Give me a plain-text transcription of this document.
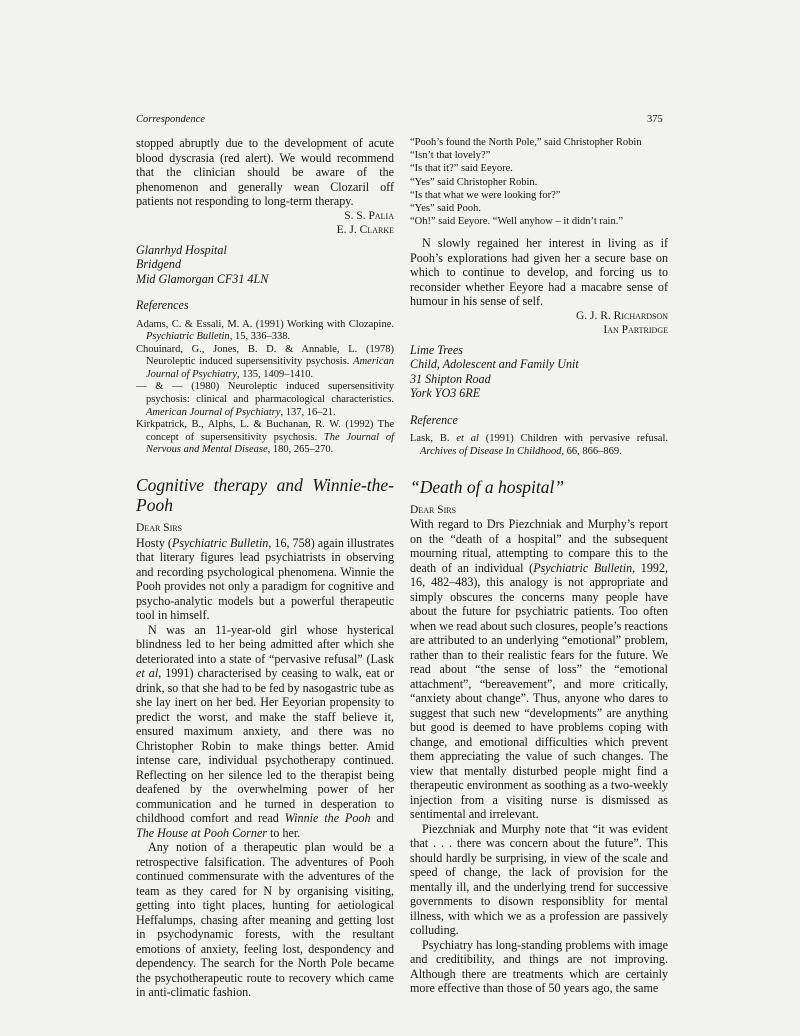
Correspondence	375

stopped abruptly due to the development of acute blood dyscrasia (red alert). We would recommend that the clinician should be aware of the phenomenon and generally wean Clozaril off patients not responding to long-term therapy.

S. S. Palia
E. J. Clarke
Glanrhyd Hospital
Bridgend
Mid Glamorgan CF31 4LN

References

Adams, C. & Essali, M. A. (1991) Working with Clozapine. Psychiatric Bulletin, 15, 336–338.

Chouinard, G., Jones, B. D. & Annable, L. (1978) Neuroleptic induced supersensitivity psychosis. American Journal of Psychiatry, 135, 1409–1410.

— & — (1980) Neuroleptic induced supersensitivity psychosis: clinical and pharmacological characteristics. American Journal of Psychiatry, 137, 16–21.

Kirkpatrick, B., Alphs, L. & Buchanan, R. W. (1992) The concept of supersensitivity psychosis. The Journal of Nervous and Mental Disease, 180, 265–270.

Cognitive therapy and Winnie-the-Pooh

Dear Sirs

Hosty (Psychiatric Bulletin, 16, 758) again illustrates that literary figures lead psychiatrists in observing and recording psychological phenomena. Winnie the Pooh provides not only a paradigm for cognitive and psycho-analytic models but a powerful therapeutic tool in himself.

N was an 11-year-old girl whose hysterical blindness led to her being admitted after which she deteriorated into a state of “pervasive refusal” (Lask et al, 1991) characterised by ceasing to walk, eat or drink, so that she had to be fed by nasogastric tube as she lay inert on her bed. Her Eeyorian propensity to predict the worst, and make the staff believe it, ensured maximum anxiety, and there was no Christopher Robin to make things better. Amid intense care, individual psychotherapy continued. Reflecting on her silence led to the therapist being deafened by the overwhelming power of her communication and he turned in desperation to childhood comfort and read Winnie the Pooh and The House at Pooh Corner to her.

Any notion of a therapeutic plan would be a retrospective falsification. The adventures of Pooh continued commensurate with the adventures of the team as they cared for N by organising visiting, getting into tight places, hunting for aetiological Heffalumps, chasing after meaning and getting lost in psychodynamic forests, with the resultant emotions of anxiety, feeling lost, despondency and dependency. The search for the North Pole became the psychotherapeutic route to recovery which came in anti-climatic fashion.

“Pooh’s found the North Pole,” said Christopher Robin

“Isn’t that lovely?”

“Is that it?” said Eeyore.

“Yes” said Christopher Robin.

“Is that what we were looking for?”

“Yes” said Pooh.

“Oh!” said Eeyore. “Well anyhow – it didn’t rain.”

N slowly regained her interest in living as if Pooh’s explorations had given her a secure base on which to continue to develop, and forcing us to reconsider whether Eeyore had a macabre sense of humour in his sense of self.

G. J. R. Richardson
Ian Partridge
Lime Trees
Child, Adolescent and Family Unit
31 Shipton Road
York YO3 6RE

Reference

Lask, B. et al (1991) Children with pervasive refusal. Archives of Disease In Childhood, 66, 866–869.

“Death of a hospital”

Dear Sirs

With regard to Drs Piezchniak and Murphy’s report on the “death of a hospital” and the subsequent mourning ritual, attempting to compare this to the death of an individual (Psychiatric Bulletin, 1992, 16, 482–483), this analogy is not appropriate and simply obscures the concerns many people have about the future for psychiatric patients. Too often when we read about such closures, people’s reactions are attributed to an underlying “emotional” problem, rather than to their realistic fears for the future. We read about “the sense of loss” the “emotional attachment”, “bereavement”, and more critically, “anxiety about change”. Thus, anyone who dares to suggest that such new “developments” are anything but good is deemed to have problems coping with change, and emotional difficulties which prevent them appreciating the value of such changes. The view that mentally disturbed people might find a therapeutic environment as soothing as a two-weekly injection from a visiting nurse is dismissed as sentimental and irrelevant.

Piezchniak and Murphy note that “it was evident that . . . there was concern about the future”. This should hardly be surprising, in view of the scale and speed of change, the lack of provision for the mentally ill, and the underlying trend for successive governments to disown responsiblity for mental illness, with which we as a profession are passively colluding.

Psychiatry has long-standing problems with image and creditibility, and things are not improving. Although there are treatments which are certainly more effective than those of 50 years ago, the same
